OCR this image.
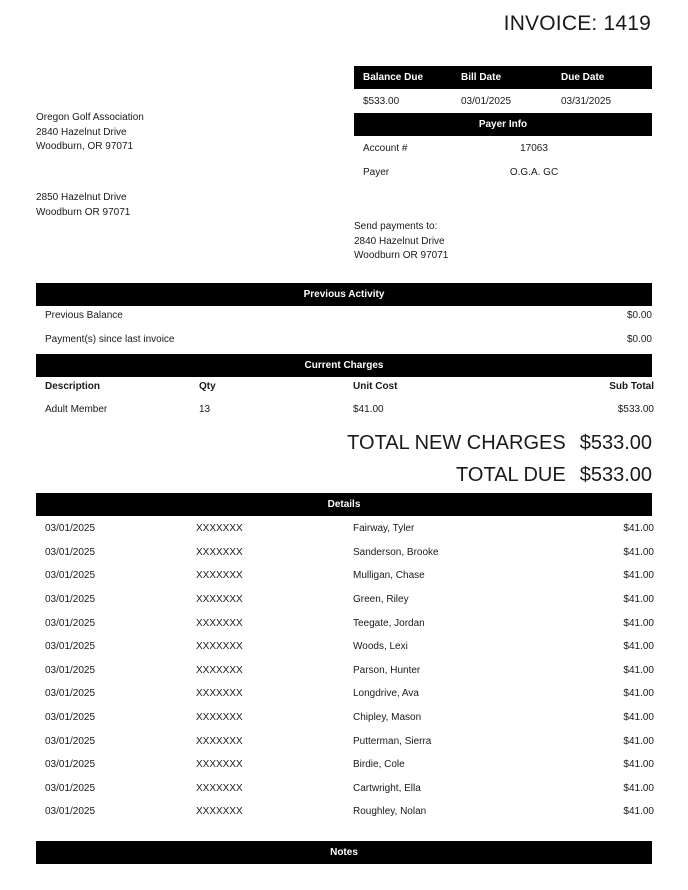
INVOICE: 1419
Balance Due	Bill Date	Due Date
$533.00	03/01/2025	03/31/2025
Payer Info
Account #	17063
Payer	O.G.A. GC
Oregon Golf Association
2840 Hazelnut Drive
Woodburn, OR 97071
2850 Hazelnut Drive
Woodburn OR 97071
Send payments to:
2840 Hazelnut Drive
Woodburn OR 97071
Previous Activity
Previous Balance	$0.00
Payment(s) since last invoice	$0.00
Current Charges
Description	Qty	Unit Cost	Sub Total
Adult Member	13	$41.00	$533.00
TOTAL NEW CHARGES $533.00
TOTAL DUE $533.00
Details
03/01/2025	XXXXXXX	Fairway, Tyler	$41.00
03/01/2025	XXXXXXX	Sanderson, Brooke	$41.00
03/01/2025	XXXXXXX	Mulligan, Chase	$41.00
03/01/2025	XXXXXXX	Green, Riley	$41.00
03/01/2025	XXXXXXX	Teegate, Jordan	$41.00
03/01/2025	XXXXXXX	Woods, Lexi	$41.00
03/01/2025	XXXXXXX	Parson, Hunter	$41.00
03/01/2025	XXXXXXX	Longdrive, Ava	$41.00
03/01/2025	XXXXXXX	Chipley, Mason	$41.00
03/01/2025	XXXXXXX	Putterman, Sierra	$41.00
03/01/2025	XXXXXXX	Birdie, Cole	$41.00
03/01/2025	XXXXXXX	Cartwright, Ella	$41.00
03/01/2025	XXXXXXX	Roughley, Nolan	$41.00
Notes
